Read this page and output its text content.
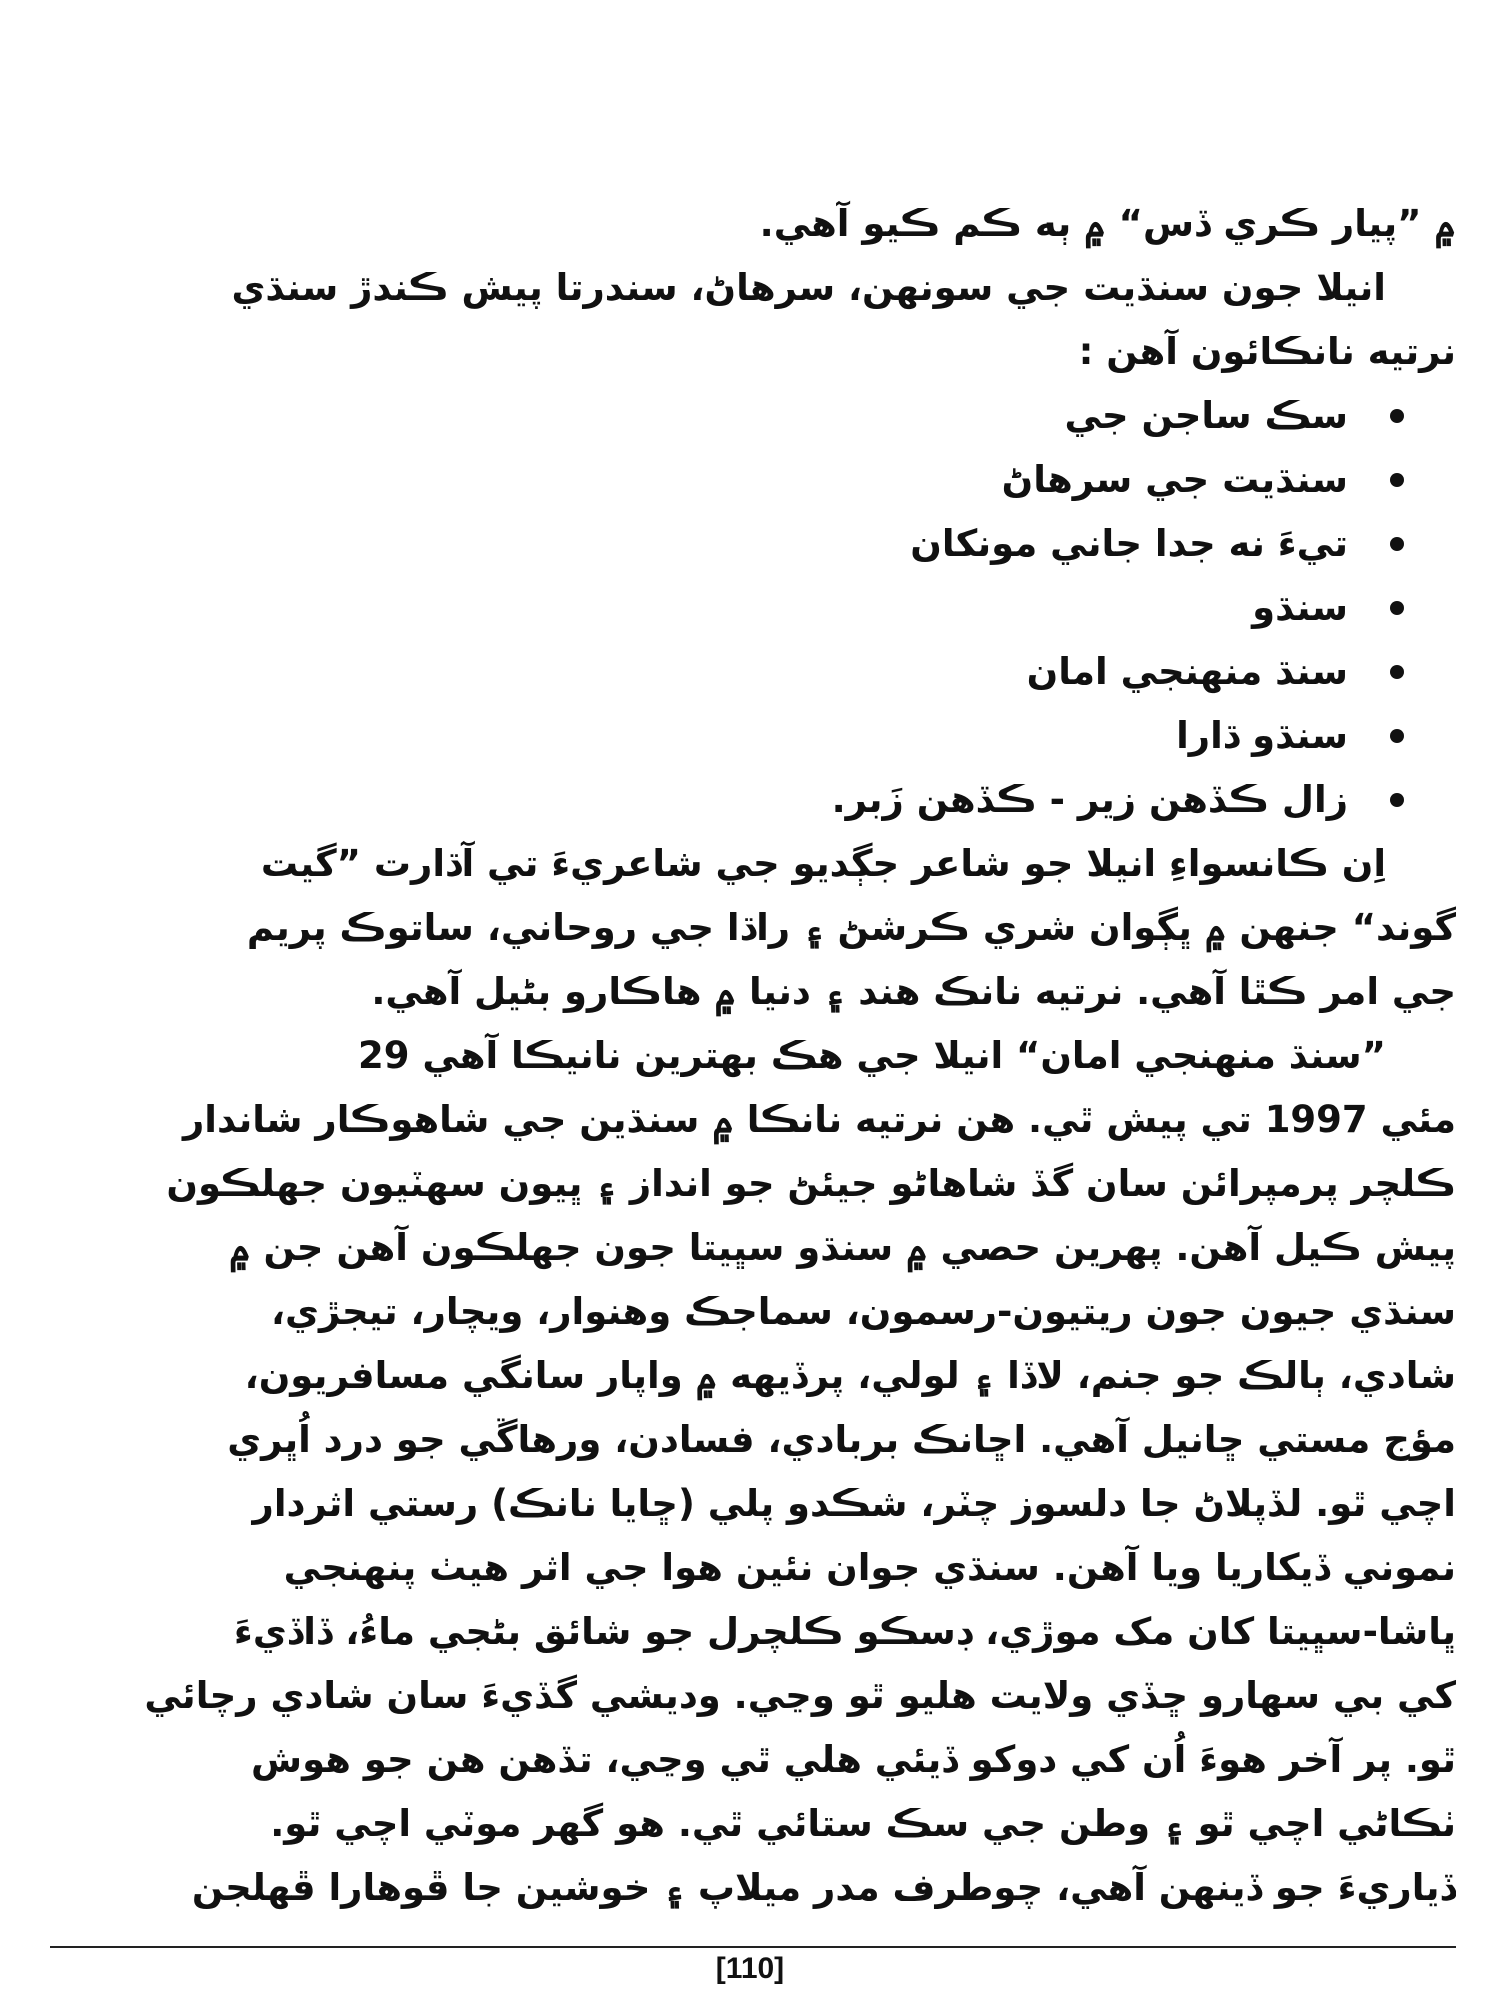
۾ ”پيار ڪري ڏس“ ۾ ٻه ڪم ڪيو آهي.
انيلا جون سنڌيت جي سونهن، سرهاڻ، سندرتا پيش ڪندڙ سنڌي
نرتيه نانڪائون آهن :
سڪ ساجن جي
سنڌيت جي سرهاڻ
تيءَ نه جدا جاني مونکان
سنڌو
سنڌ منهنجي امان
سنڌو ڌارا
زال ڪڏهن زير - ڪڏهن زَبر.
اِن ڪانسواءِ انيلا جو شاعر جڳديو جي شاعريءَ تي آڌارت ”گيت
گوند“ جنهن ۾ ڀڳوان شري ڪرشڻ ۽ راڌا جي روحاني، ساتوڪ پريم
جي امر ڪٿا آهي. نرتيه نانڪ هند ۽ دنيا ۾ هاڪارو بڻيل آهي.
”سنڌ منهنجي امان“ انيلا جي هڪ بهترين نانيڪا آهي 29
مئي 1997 تي پيش ٿي. هن نرتيه نانڪا ۾ سنڌين جي شاهوڪار شاندار
ڪلچر پرمپرائن سان گڏ شاهاڻو جيئڻ جو انداز ۽ ڀيون سهٽيون جهلڪون
پيش ڪيل آهن. پهرين حصي ۾ سنڌو سڀيتا جون جهلڪون آهن جن ۾
سنڌي جيون جون ريتيون-رسمون، سماجڪ وهنوار، ويچار، تيجڙي،
شادي، ٻالڪ جو جنم، لاڏا ۽ لولي، پرڏيهه ۾ واپار سانگي مسافريون،
مؤج مستي ڇانيل آهي. اڇانڪ بربادي، فسادن، ورهاڱي جو درد اُڀري
اچي ٿو. لڏپلاڻ جا دلسوز چٽر، شڪدو پلي (ڇايا نانڪ) رستي اثردار
نموني ڏيکاريا ويا آهن. سنڌي جوان نئين هوا جي اثر هيٺ پنهنجي
ڀاشا-سڀيتا کان مک موڙي، ڊسڪو ڪلچرل جو شائق بڻجي ماءُ، ڏاڏيءَ
کي بي سهارو ڇڏي ولايت هليو ٿو وڃي. وديشي گڏيءَ سان شادي رچائي
ٿو. پر آخر هوءَ اُن کي دوکو ڏيئي هلي ٿي وڃي، تڏهن هن جو هوش
ٺڪاڻي اچي ٿو ۽ وطن جي سڪ ستائي ٿي. هو گهر موٽي اچي ٿو.
ڏياريءَ جو ڏينهن آهي، چوطرف مدر ميلاپ ۽ خوشين جا ڦوهارا ڦهلجن
[110]
